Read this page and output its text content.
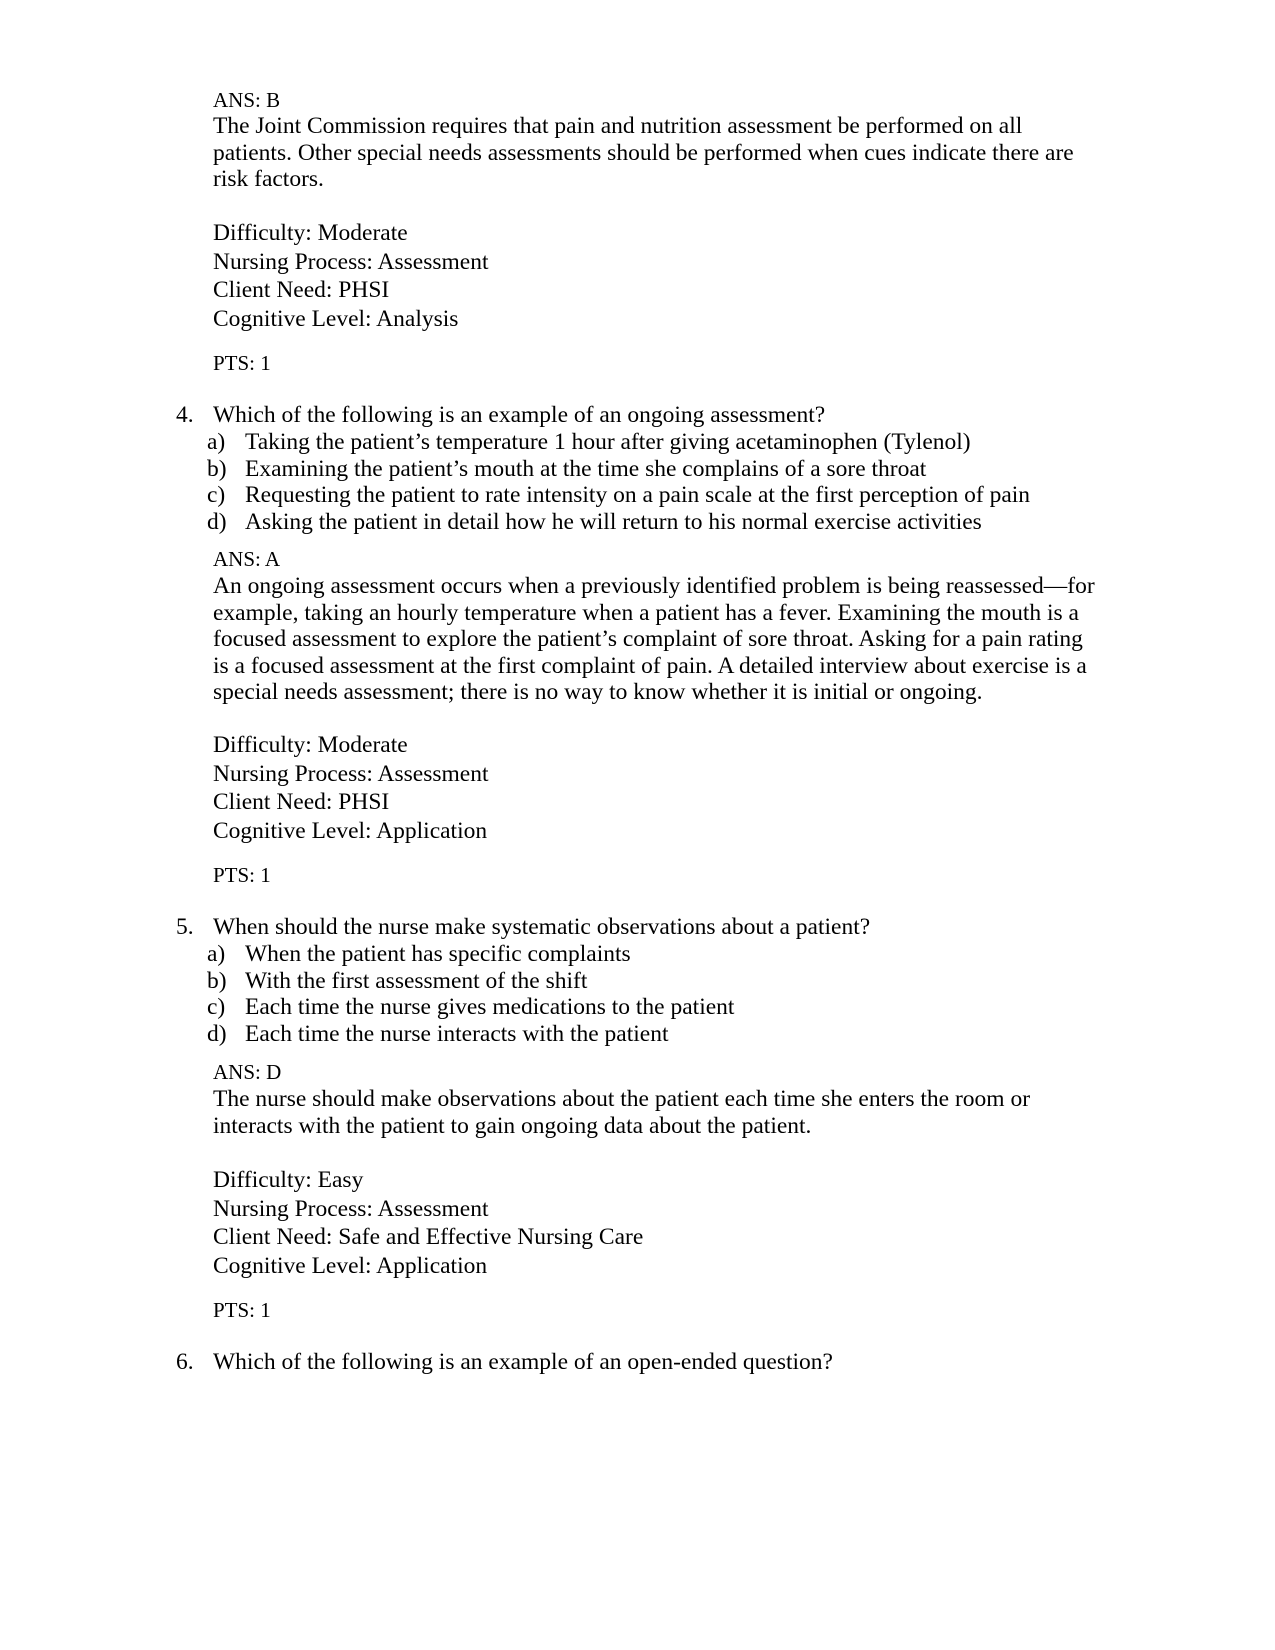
ANS: B
The Joint Commission requires that pain and nutrition assessment be performed on all
patients. Other special needs assessments should be performed when cues indicate there are
risk factors.
Difficulty: Moderate
Nursing Process: Assessment
Client Need: PHSI
Cognitive Level: Analysis
PTS: 1
4. Which of the following is an example of an ongoing assessment?
a) Taking the patient’s temperature 1 hour after giving acetaminophen (Tylenol)
b) Examining the patient’s mouth at the time she complains of a sore throat
c) Requesting the patient to rate intensity on a pain scale at the first perception of pain
d) Asking the patient in detail how he will return to his normal exercise activities
ANS: A
An ongoing assessment occurs when a previously identified problem is being reassessed—for
example, taking an hourly temperature when a patient has a fever. Examining the mouth is a
focused assessment to explore the patient’s complaint of sore throat. Asking for a pain rating
is a focused assessment at the first complaint of pain. A detailed interview about exercise is a
special needs assessment; there is no way to know whether it is initial or ongoing.
Difficulty: Moderate
Nursing Process: Assessment
Client Need: PHSI
Cognitive Level: Application
PTS: 1
5. When should the nurse make systematic observations about a patient?
a) When the patient has specific complaints
b) With the first assessment of the shift
c) Each time the nurse gives medications to the patient
d) Each time the nurse interacts with the patient
ANS: D
The nurse should make observations about the patient each time she enters the room or
interacts with the patient to gain ongoing data about the patient.
Difficulty: Easy
Nursing Process: Assessment
Client Need: Safe and Effective Nursing Care
Cognitive Level: Application
PTS: 1
6. Which of the following is an example of an open-ended question?
